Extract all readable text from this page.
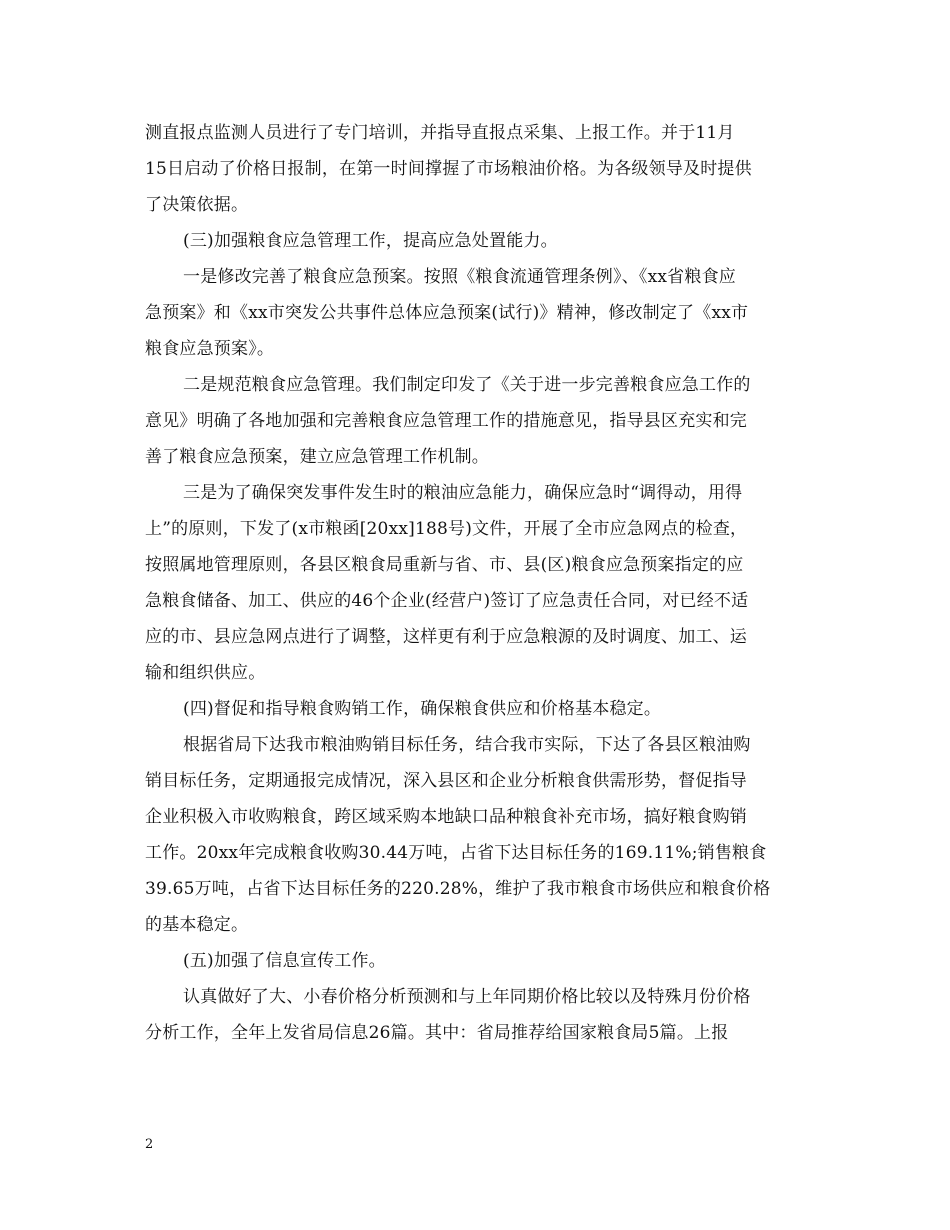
测直报点监测人员进行了专门培训，并指导直报点采集、上报工作。并于11月
15日启动了价格日报制，在第一时间撑握了市场粮油价格。为各级领导及时提供
了决策依据。
(三)加强粮食应急管理工作，提高应急处置能力。
一是修改完善了粮食应急预案。按照《粮食流通管理条例》、《xx省粮食应
急预案》和《xx市突发公共事件总体应急预案(试行)》精神，修改制定了《xx市
粮食应急预案》。
二是规范粮食应急管理。我们制定印发了《关于进一步完善粮食应急工作的
意见》明确了各地加强和完善粮食应急管理工作的措施意见，指导县区充实和完
善了粮食应急预案，建立应急管理工作机制。
三是为了确保突发事件发生时的粮油应急能力，确保应急时“调得动，用得
上”的原则，下发了(x市粮函[20xx]188号)文件，开展了全市应急网点的检查，
按照属地管理原则，各县区粮食局重新与省、市、县(区)粮食应急预案指定的应
急粮食储备、加工、供应的46个企业(经营户)签订了应急责任合同，对已经不适
应的市、县应急网点进行了调整，这样更有利于应急粮源的及时调度、加工、运
输和组织供应。
(四)督促和指导粮食购销工作，确保粮食供应和价格基本稳定。
根据省局下达我市粮油购销目标任务，结合我市实际，下达了各县区粮油购
销目标任务，定期通报完成情况，深入县区和企业分析粮食供需形势，督促指导
企业积极入市收购粮食，跨区域采购本地缺口品种粮食补充市场，搞好粮食购销
工作。20xx年完成粮食收购30.44万吨，占省下达目标任务的169.11%;销售粮食
39.65万吨，占省下达目标任务的220.28%，维护了我市粮食市场供应和粮食价格
的基本稳定。
(五)加强了信息宣传工作。
认真做好了大、小春价格分析预测和与上年同期价格比较以及特殊月份价格
分析工作，全年上发省局信息26篇。其中：省局推荐给国家粮食局5篇。上报
2
